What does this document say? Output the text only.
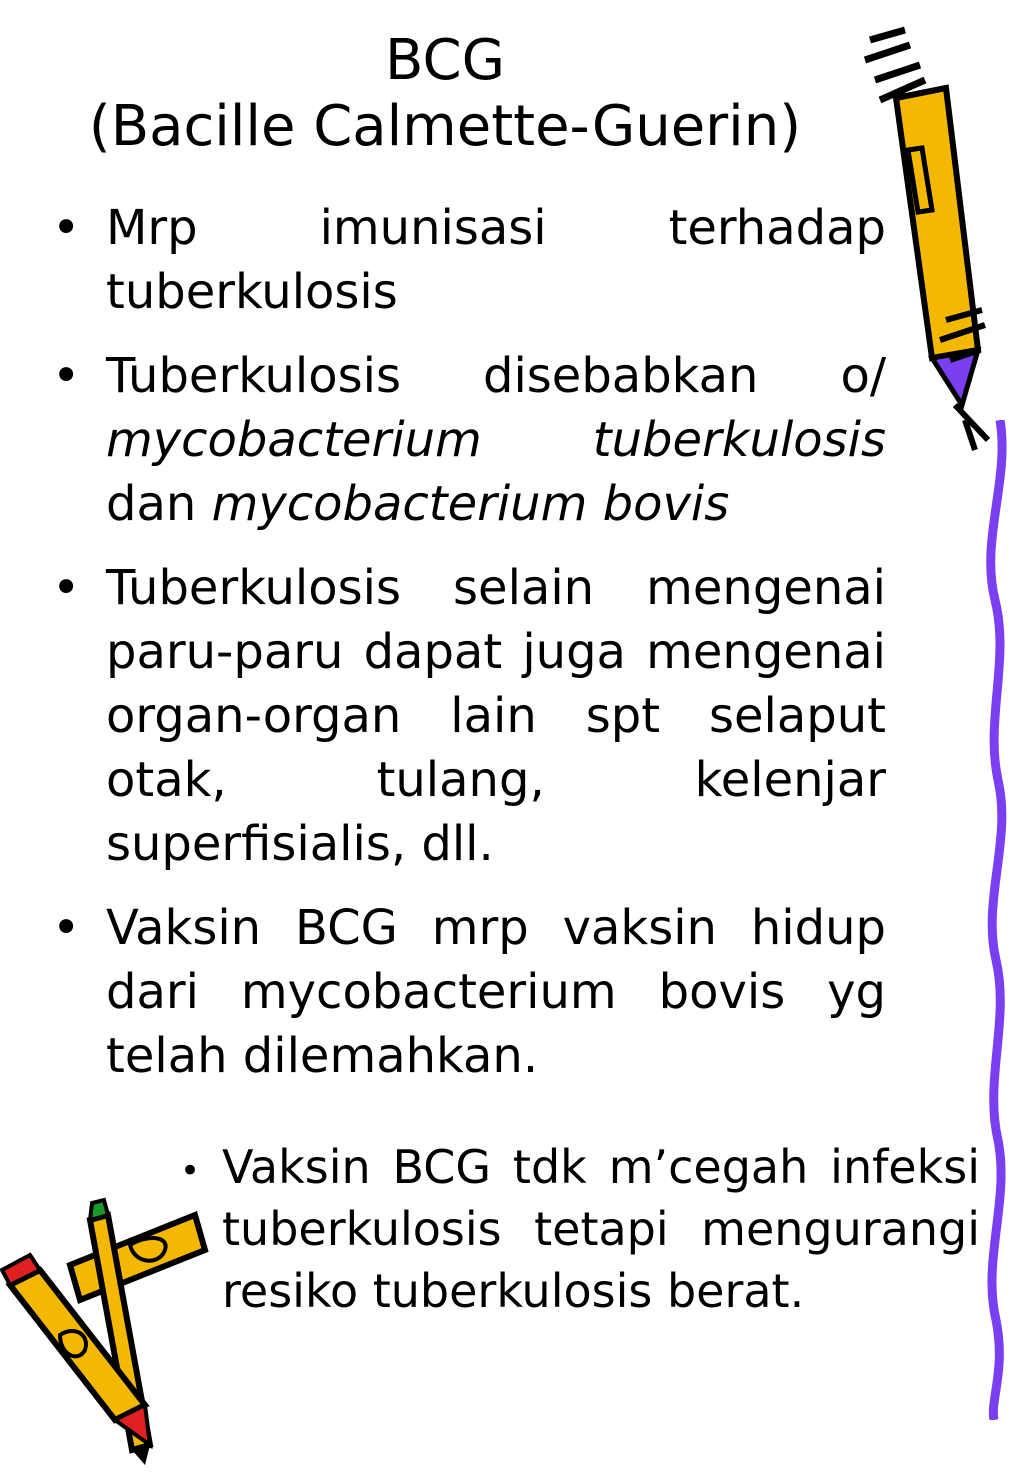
BCG
(Bacille Calmette-Guerin)
• Mrp imunisasi terhadap tuberkulosis
• Tuberkulosis disebabkan o/ mycobacterium tuberkulosis dan mycobacterium bovis
• Tuberkulosis selain mengenai paru-paru dapat juga mengenai organ-organ lain spt selaput otak, tulang, kelenjar superfisialis, dll.
• Vaksin BCG mrp vaksin hidup dari mycobacterium bovis yg telah dilemahkan.
• Vaksin BCG tdk m’cegah infeksi tuberkulosis tetapi mengurangi resiko tuberkulosis berat.
